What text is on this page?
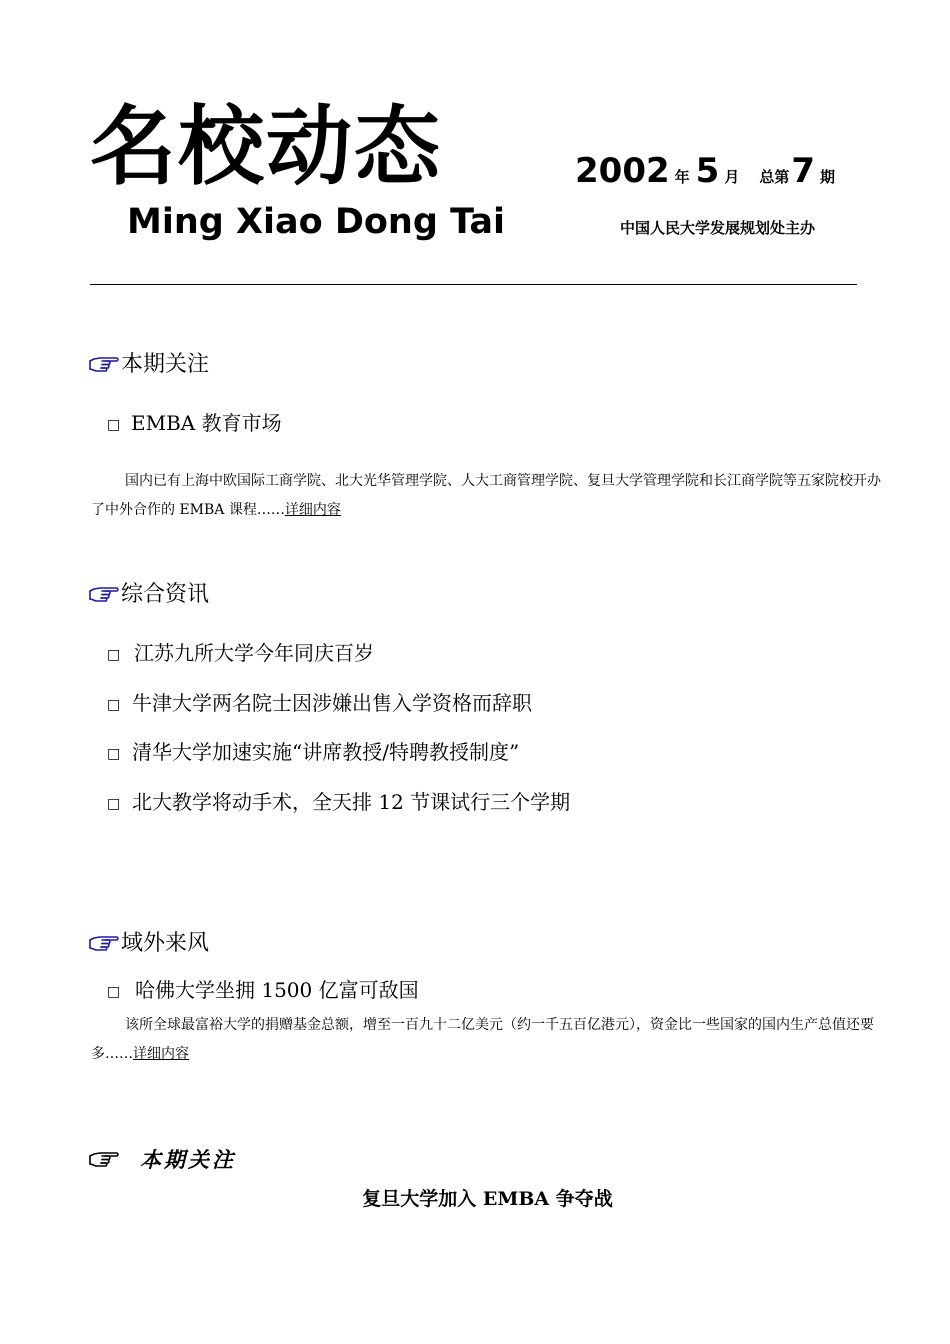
名校动态
Ming Xiao Dong Tai
2002 年 5 月 总第7 期
中国人民大学发展规划处主办
本期关注
□ EMBA 教育市场
国内已有上海中欧国际工商学院、北大光华管理学院、人大工商管理学院、复旦大学管理学院和长江商学院等五家院校开办了中外合作的 EMBA 课程……详细内容
综合资讯
□ 江苏九所大学今年同庆百岁
□ 牛津大学两名院士因涉嫌出售入学资格而辞职
□ 清华大学加速实施“讲席教授/特聘教授制度”
□ 北大教学将动手术，全天排 12 节课试行三个学期
域外来风
□ 哈佛大学坐拥 1500 亿富可敌国
该所全球最富裕大学的捐赠基金总额，增至一百九十二亿美元（约一千五百亿港元），资金比一些国家的国内生产总值还要多……详细内容
本期关注
复旦大学加入 EMBA 争夺战
